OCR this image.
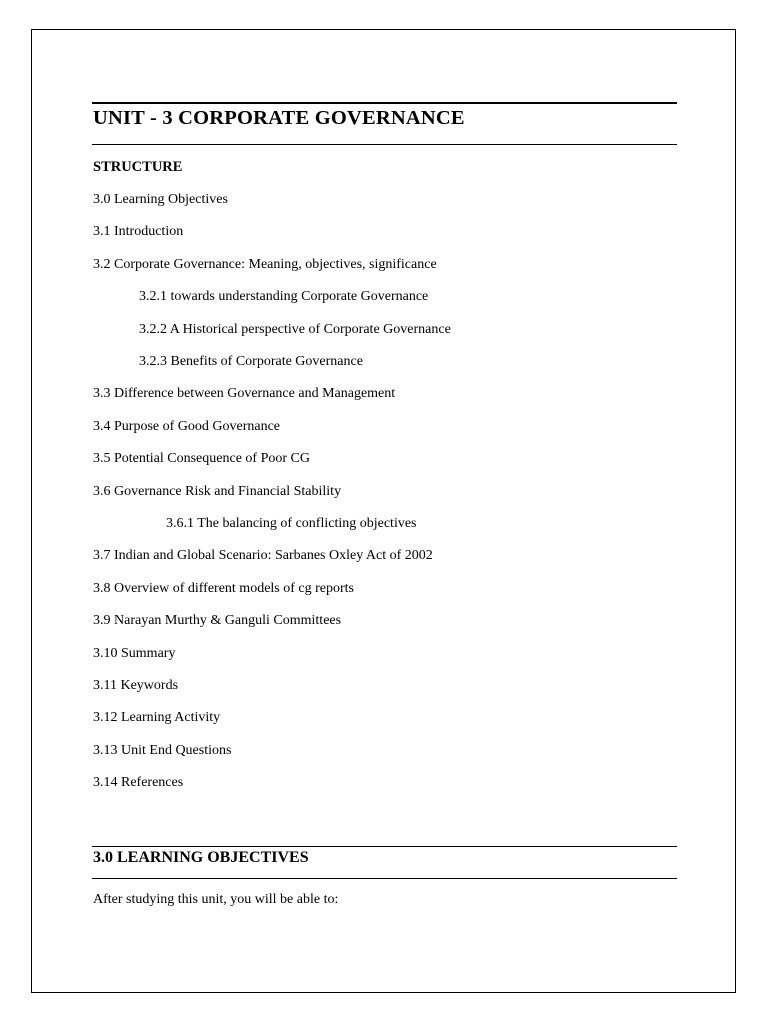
UNIT - 3 CORPORATE GOVERNANCE
STRUCTURE
3.0 Learning Objectives
3.1 Introduction
3.2 Corporate Governance: Meaning, objectives, significance
3.2.1 towards understanding Corporate Governance
3.2.2 A Historical perspective of Corporate Governance
3.2.3 Benefits of Corporate Governance
3.3 Difference between Governance and Management
3.4 Purpose of Good Governance
3.5 Potential Consequence of Poor CG
3.6 Governance Risk and Financial Stability
3.6.1 The balancing of conflicting objectives
3.7 Indian and Global Scenario: Sarbanes Oxley Act of 2002
3.8 Overview of different models of cg reports
3.9 Narayan Murthy & Ganguli Committees
3.10 Summary
3.11 Keywords
3.12 Learning Activity
3.13 Unit End Questions
3.14 References
3.0 LEARNING OBJECTIVES

After studying this unit, you will be able to:
